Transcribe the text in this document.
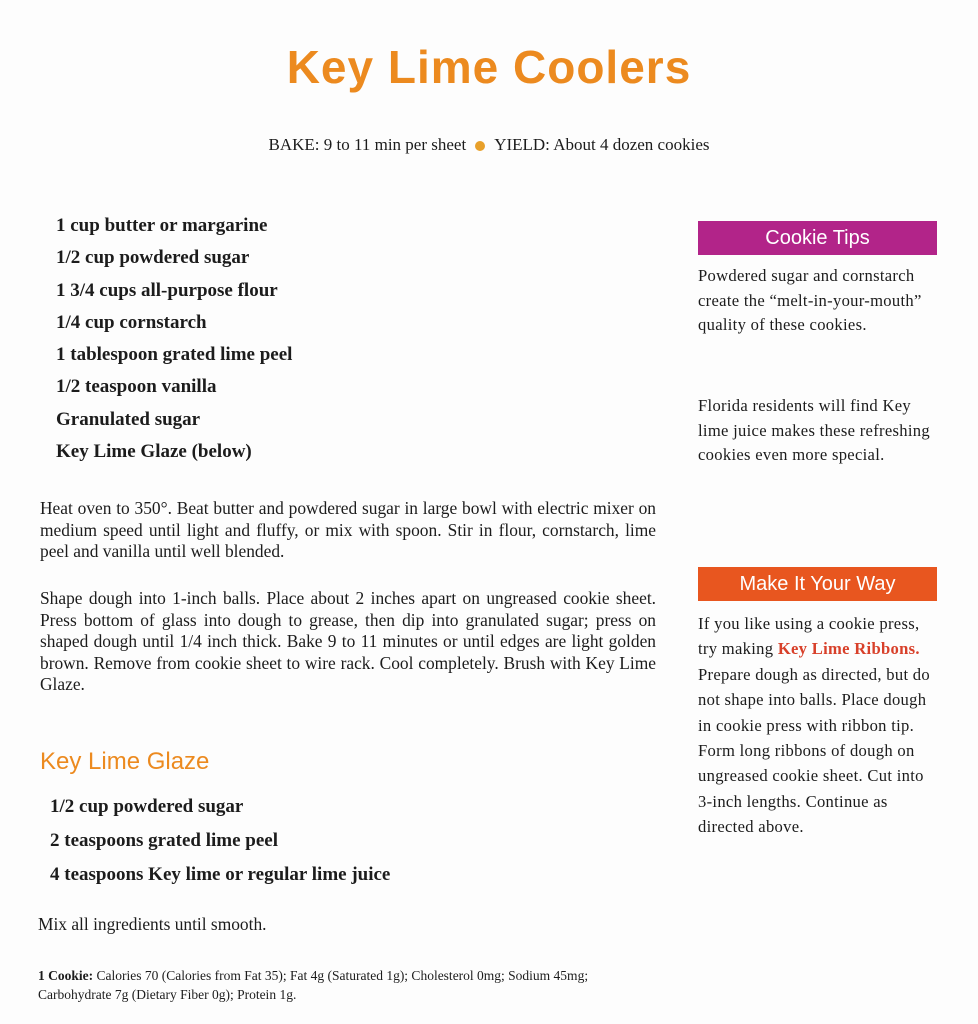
Key Lime Coolers
BAKE: 9 to 11 min per sheet YIELD: About 4 dozen cookies
1 cup butter or margarine
1/2 cup powdered sugar
1 3/4 cups all-purpose flour
1/4 cup cornstarch
1 tablespoon grated lime peel
1/2 teaspoon vanilla
Granulated sugar
Key Lime Glaze (below)

Heat oven to 350°. Beat butter and powdered sugar in large bowl with electric mixer on medium speed until light and fluffy, or mix with spoon. Stir in flour, cornstarch, lime peel and vanilla until well blended.

Shape dough into 1-inch balls. Place about 2 inches apart on ungreased cookie sheet. Press bottom of glass into dough to grease, then dip into granulated sugar; press on shaped dough until 1/4 inch thick. Bake 9 to 11 minutes or until edges are light golden brown. Remove from cookie sheet to wire rack. Cool completely. Brush with Key Lime Glaze.

Key Lime Glaze
1/2 cup powdered sugar
2 teaspoons grated lime peel
4 teaspoons Key lime or regular lime juice

Mix all ingredients until smooth.

1 Cookie: Calories 70 (Calories from Fat 35); Fat 4g (Saturated 1g); Cholesterol 0mg; Sodium 45mg; Carbohydrate 7g (Dietary Fiber 0g); Protein 1g.

Cookie Tips

Powdered sugar and cornstarch create the “melt-in-your-mouth” quality of these cookies.

Florida residents will find Key lime juice makes these refreshing cookies even more special.

Make It Your Way

If you like using a cookie press, try making Key Lime Ribbons. Prepare dough as directed, but do not shape into balls. Place dough in cookie press with ribbon tip. Form long ribbons of dough on ungreased cookie sheet. Cut into 3-inch lengths. Continue as directed above.
